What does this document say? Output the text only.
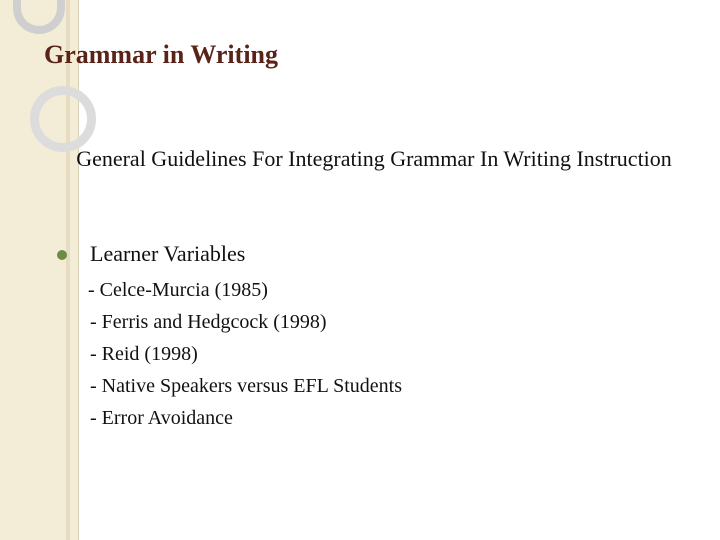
Grammar in Writing
General Guidelines For Integrating Grammar In Writing Instruction
Learner Variables
- Celce-Murcia (1985)
- Ferris and Hedgcock (1998)
- Reid (1998)
- Native Speakers versus EFL Students
- Error Avoidance
